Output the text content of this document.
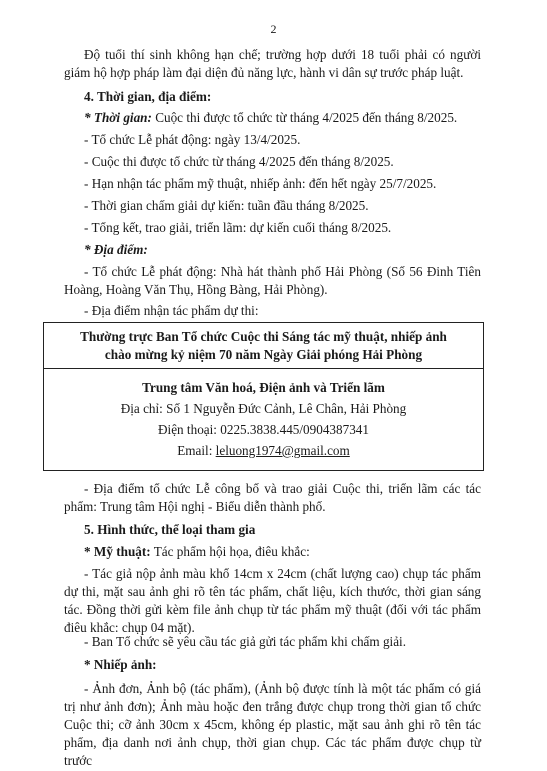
2
Độ tuổi thí sinh không hạn chế; trường hợp dưới 18 tuổi phải có người giám hộ hợp pháp làm đại diện đủ năng lực, hành vi dân sự trước pháp luật.
4. Thời gian, địa điểm:
* Thời gian: Cuộc thi được tổ chức từ tháng 4/2025 đến tháng 8/2025.
- Tổ chức Lễ phát động: ngày 13/4/2025.
- Cuộc thi được tổ chức từ tháng 4/2025 đến tháng 8/2025.
- Hạn nhận tác phẩm mỹ thuật, nhiếp ảnh: đến hết ngày 25/7/2025.
- Thời gian chấm giải dự kiến: tuần đầu tháng 8/2025.
- Tổng kết, trao giải, triển lãm: dự kiến cuối tháng 8/2025.
* Địa điểm:
- Tổ chức Lễ phát động: Nhà hát thành phố Hải Phòng (Số 56 Đinh Tiên Hoàng, Hoàng Văn Thụ, Hồng Bàng, Hải Phòng).
- Địa điểm nhận tác phẩm dự thi:
Thường trực Ban Tổ chức Cuộc thi Sáng tác mỹ thuật, nhiếp ảnh
chào mừng kỷ niệm 70 năm Ngày Giải phóng Hải Phòng
Trung tâm Văn hoá, Điện ảnh và Triển lãm
Địa chỉ: Số 1 Nguyễn Đức Cảnh, Lê Chân, Hải Phòng
Điện thoại: 0225.3838.445/0904387341
Email: leluong1974@gmail.com
- Địa điểm tổ chức Lễ công bố và trao giải Cuộc thi, triển lãm các tác phẩm: Trung tâm Hội nghị - Biểu diễn thành phố.
5. Hình thức, thể loại tham gia
* Mỹ thuật: Tác phẩm hội họa, điêu khắc:
- Tác giả nộp ảnh màu khổ 14cm x 24cm (chất lượng cao) chụp tác phẩm dự thi, mặt sau ảnh ghi rõ tên tác phẩm, chất liệu, kích thước, thời gian sáng tác. Đồng thời gửi kèm file ảnh chụp từ tác phẩm mỹ thuật (đối với tác phẩm điêu khắc: chụp 04 mặt).
- Ban Tổ chức sẽ yêu cầu tác giả gửi tác phẩm khi chấm giải.
* Nhiếp ảnh:
- Ảnh đơn, Ảnh bộ (tác phẩm), (Ảnh bộ được tính là một tác phẩm có giá trị như ảnh đơn); Ảnh màu hoặc đen trắng được chụp trong thời gian tổ chức Cuộc thi; cỡ ảnh 30cm x 45cm, không ép plastic, mặt sau ảnh ghi rõ tên tác phẩm, địa danh nơi ảnh chụp, thời gian chụp. Các tác phẩm được chụp từ trước
